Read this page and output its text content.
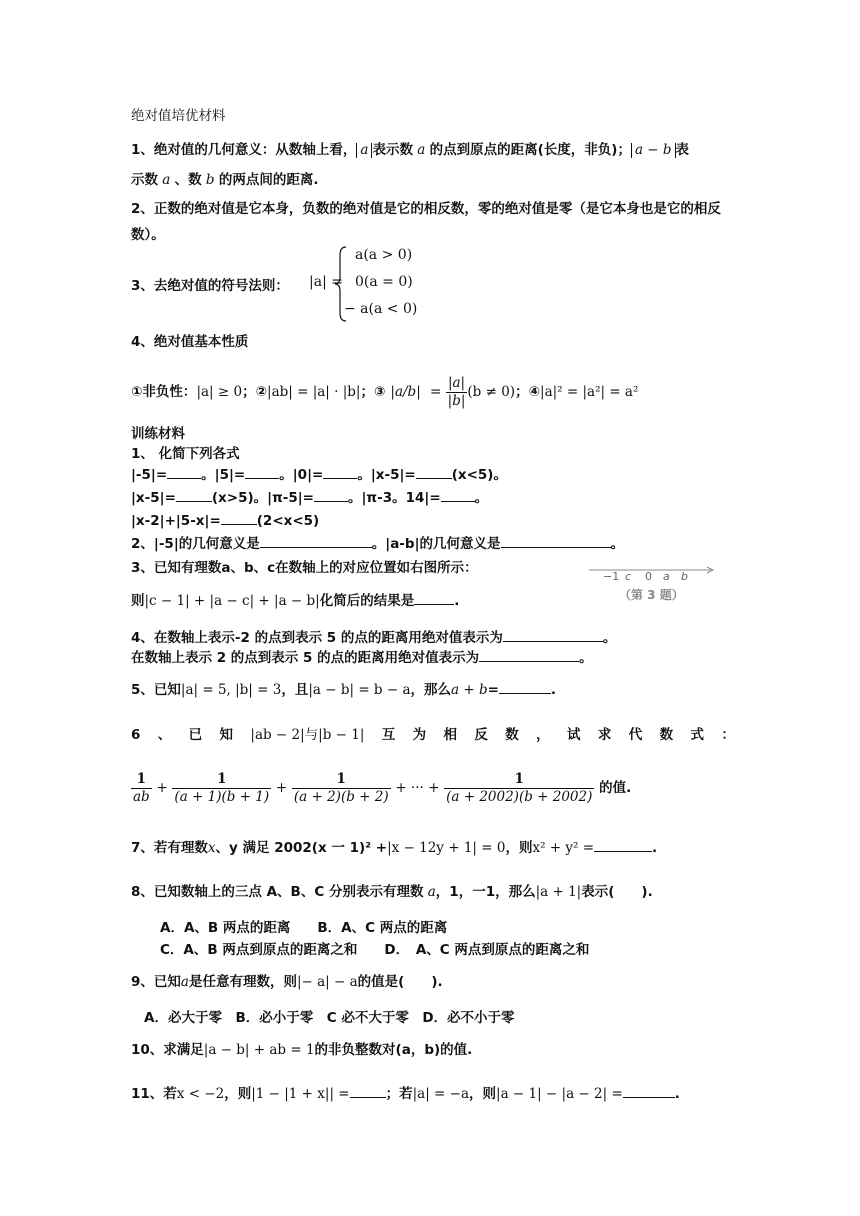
绝对值培优材料
1、绝对值的几何意义：从数轴上看， a 表示数 a 的点到原点的距离(长度，非负)； a − b 表
示数 a 、数 b 的两点间的距离.
2、正数的绝对值是它本身，负数的绝对值是它的相反数，零的绝对值是零（是它本身也是它的相反数）。
3、去绝对值的符号法则： |a| =
a(a > 0)
0(a = 0)
− a(a < 0)
4、绝对值基本性质
①非负性：|a| ≥ 0；②|ab| = |a| · |b|；③ $|a/b| = \frac{|a|}{|b|} (b \ne 0)$；④|a|² = |a²| = a²
训练材料
1、 化简下列各式
|-5|=	。|5|=	。|0|=	。|x-5|=	(x<5)。
|x-5|=	(x>5)。|π-5|=	。|π-3。14|=	。
|x-2|+|5-x|=	(2<x<5)
2、|-5|的几何意义是	。|a-b|的几何意义是	。
3、已知有理数a、b、c在数轴上的对应位置如右图所示：
−1 c 0 a b
（第 3 题）
则|c − 1| + |a − c| + |a − b|化简后的结果是	.
4、在数轴上表示-2 的点到表示 5 的点的距离用绝对值表示为	。
在数轴上表示 2 的点到表示 5 的点的距离用绝对值表示为	。
5、已知|a| = 5, |b| = 3，且|a − b| = b − a，那么a + b=	.
6 、 已 知 |ab − 2|与|b − 1| 互 为 相 反 数 ， 试 求 代 数 式 ：
$\frac{1}{ab} + \frac{1}{(a + 1)(b + 1)} + \frac{1}{(a + 2)(b + 2)}$ + ··· + $\frac{1}{(a + 2002)(b + 2002)}$ 的值.
7、若有理数x、y 满足 2002(x 一 1)² +|x − 12y + 1| = 0，则x² + y² =	.
8、已知数轴上的三点 A、B、C 分别表示有理数 a，1，一1，那么|a + 1|表示(　　).
A．A、B 两点的距离　　 B．A、C 两点的距离
C．A、B 两点到原点的距离之和　　 D．　A、C 两点到原点的距离之和
9、已知a是任意有理数，则|− a| − a的值是(　　).
A．必大于零　B．必小于零　C 必不大于零　D．必不小于零
10、求满足|a − b| + ab = 1的非负整数对(a，b)的值.
11、若x < −2，则|1 − |1 + x|| =	；若|a| = −a，则|a − 1| − |a − 2| =	.
